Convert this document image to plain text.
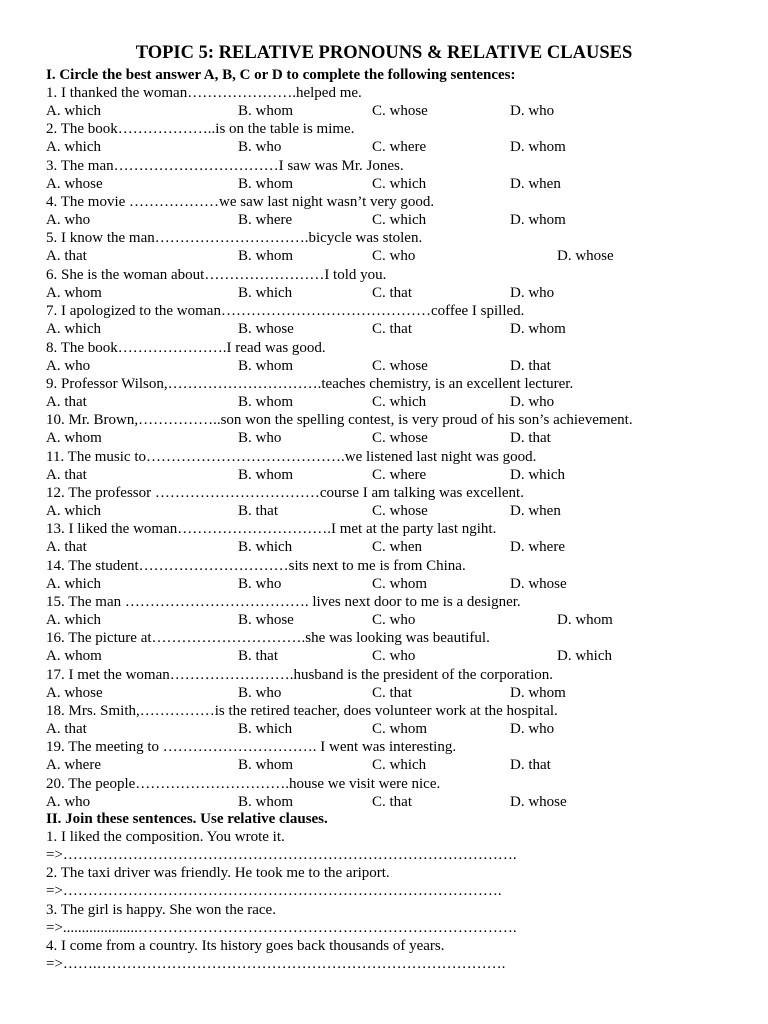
TOPIC 5: RELATIVE PRONOUNS & RELATIVE CLAUSES
I. Circle the best answer A, B, C or D to complete the following sentences:
1. I thanked the woman………………….helped me.
A. which	B. whom	C. whose	D. who
2. The book………………..is on the table is mime.
A. which	B. who	C. where	D. whom
3. The man……………………………I saw was Mr. Jones.
A. whose	B. whom	C. which	D. when
4. The movie ………………we saw last night wasn’t very good.
A. who	B. where	C. which	D. whom
5. I know the man………………………….bicycle was stolen.
A. that	B. whom	C. who	D. whose
6. She is the woman about……………………I told you.
A. whom	B. which	C. that	D. who
7. I apologized to the woman……………………………………coffee I spilled.
A. which	B. whose	C. that	D. whom
8. The book………………….I read was good.
A. who	B. whom	C. whose	D. that
9. Professor Wilson,………………………….teaches chemistry, is an excellent lecturer.
A. that	B. whom	C. which	D. who
10. Mr. Brown,……………..son won the spelling contest, is very proud of his son’s achievement.
A. whom	B. who	C. whose	D. that
11. The music to………………………………….we listened last night was good.
A. that	B. whom	C. where	D. which
12. The professor ……………………………course I am talking was excellent.
A. which	B. that	C. whose	D. when
13. I liked the woman………………………….I met at the party last ngiht.
A. that	B. which	C. when	D. where
14. The student…………………………sits next to me is from China.
A. which	B. who	C. whom	D. whose
15. The man ………………………………. lives next door to me is a designer.
A. which	B. whose	C. who	D. whom
16. The picture at………………………….she was looking was beautiful.
A. whom	B. that	C. who	D. which
17. I met the woman…………………….husband is the president of the corporation.
A. whose	B. who	C. that	D. whom
18. Mrs. Smith,……………is the retired teacher, does volunteer work at the hospital.
A. that	B. which	C. whom	D. who
19. The meeting to …………………………. I went was interesting.
A. where	B. whom	C. which	D. that
20. The people………………………….house we visit were nice.
A. who	B. whom	C. that	D. whose
II. Join these sentences. Use relative clauses.
1. I liked the composition. You wrote it.
=>……………………………………………………………………………….
2. The taxi driver was friendly. He took me to the ariport.
=>…………………………………………………………………………….
3. The girl is happy. She won the race.
=>....................………………………………………………………………….
4. I come from a country. Its history goes back thousands of years.
=>…….……………………………………………………………………….
